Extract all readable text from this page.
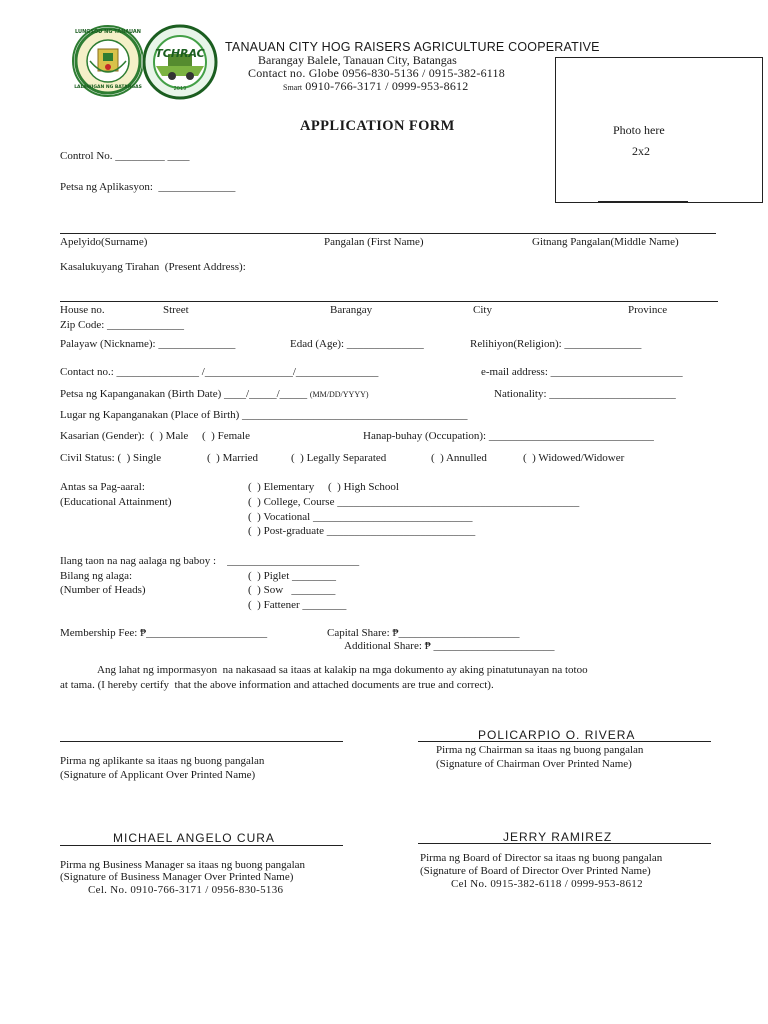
LUNGSOD NG TANAUAN
LALAWIGAN NG BATANGAS
TCHRAC
2019
TANAUAN CITY HOG RAISERS AGRICULTURE COOPERATIVE
Barangay Balele, Tanauan City, Batangas
Contact no. Globe 0956-830-5136 / 0915-382-6118
Smart 0910-766-3171 / 0999-953-8612
Photo here
2x2
APPLICATION FORM
Control No. _________ ____
Petsa ng Aplikasyon:  ______________
Apelyido(Surname)	Pangalan (First Name)	Gitnang Pangalan(Middle Name)
Kasalukuyang Tirahan  (Present Address):
House no.	Street	Barangay	City	Province
Zip Code: ______________
Palayaw (Nickname): ______________	Edad (Age): ______________	Relihiyon(Religion): ______________
Contact no.: _______________ /________________/_______________	e-mail address: ________________________
Petsa ng Kapanganakan (Birth Date) ____/_____/_____ (MM/DD/YYYY)	Nationality: _______________________
Lugar ng Kapanganakan (Place of Birth) _________________________________________
Kasarian (Gender):  (  ) Male     (  ) Female	Hanap-buhay (Occupation): ______________________________
Civil Status: (  ) Single	(  ) Married	(  ) Legally Separated	(  ) Annulled	(  ) Widowed/Widower
Antas sa Pag-aaral:
(Educational Attainment)
(  ) Elementary     (  ) High School
(  ) College, Course ____________________________________________
(  ) Vocational _____________________________
(  ) Post-graduate ___________________________
Ilang taon na nag aalaga ng baboy :    ________________________
Bilang ng alaga:
(Number of Heads)
(  ) Piglet ________
(  ) Sow   ________
(  ) Fattener ________
Membership Fee: ₱______________________	Capital Share: ₱______________________
Additional Share: ₱ ______________________
Ang lahat ng impormasyon  na nakasaad sa itaas at kalakip na mga dokumento ay aking pinatutunayan na totoo
at tama. (I hereby certify  that the above information and attached documents are true and correct).
Pirma ng aplikante sa itaas ng buong pangalan
(Signature of Applicant Over Printed Name)
POLICARPIO O. RIVERA
Pirma ng Chairman sa itaas ng buong pangalan
(Signature of Chairman Over Printed Name)
MICHAEL ANGELO CURA
Pirma ng Business Manager sa itaas ng buong pangalan
(Signature of Business Manager Over Printed Name)
Cel. No. 0910-766-3171 / 0956-830-5136
JERRY RAMIREZ
Pirma ng Board of Director sa itaas ng buong pangalan
(Signature of Board of Director Over Printed Name)
Cel No. 0915-382-6118 / 0999-953-8612
